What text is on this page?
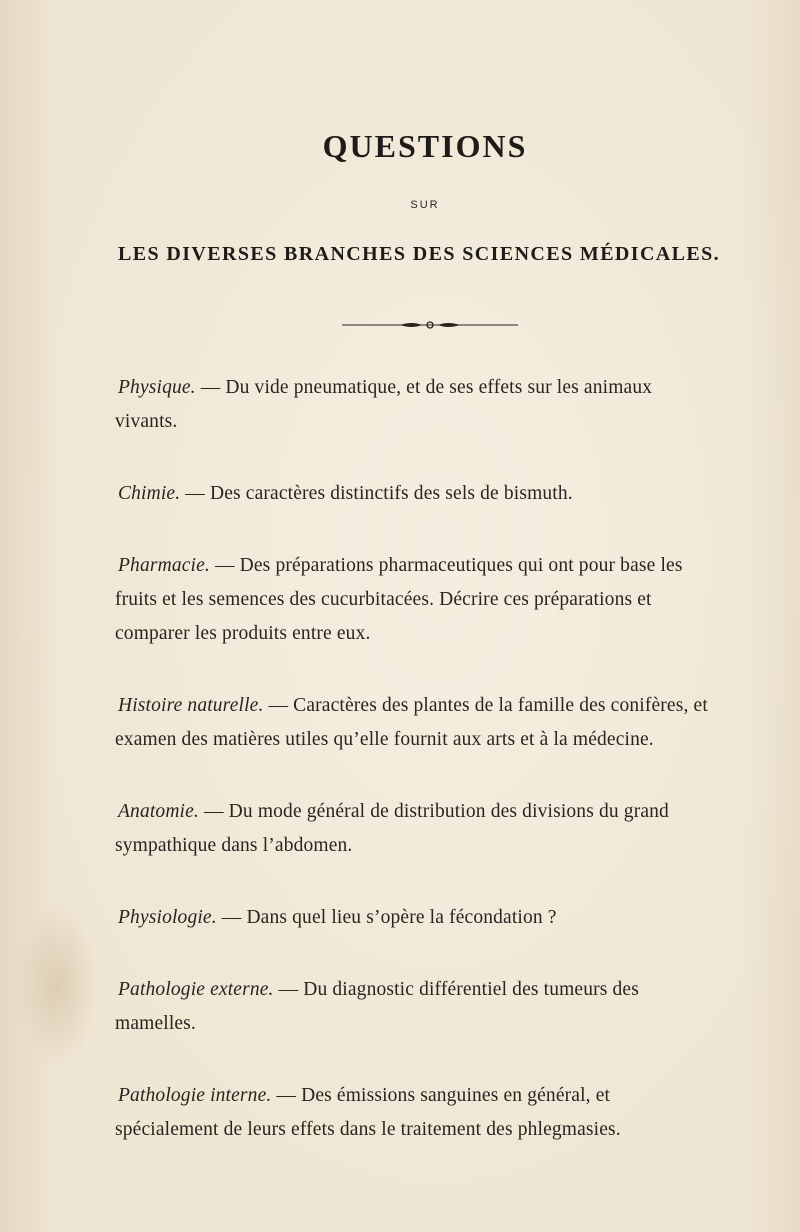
QUESTIONS
SUR
LES DIVERSES BRANCHES DES SCIENCES MÉDICALES.

Physique. — Du vide pneumatique, et de ses effets sur les animaux vivants.

Chimie. — Des caractères distinctifs des sels de bismuth.

Pharmacie. — Des préparations pharmaceutiques qui ont pour base les fruits et les semences des cucurbitacées. Décrire ces préparations et comparer les produits entre eux.

Histoire naturelle. — Caractères des plantes de la famille des conifères, et examen des matières utiles qu’elle fournit aux arts et à la médecine.

Anatomie. — Du mode général de distribution des divisions du grand sympathique dans l’abdomen.

Physiologie. — Dans quel lieu s’opère la fécondation ?

Pathologie externe. — Du diagnostic différentiel des tumeurs des mamelles.

Pathologie interne. — Des émissions sanguines en général, et spécialement de leurs effets dans le traitement des phlegmasies.
